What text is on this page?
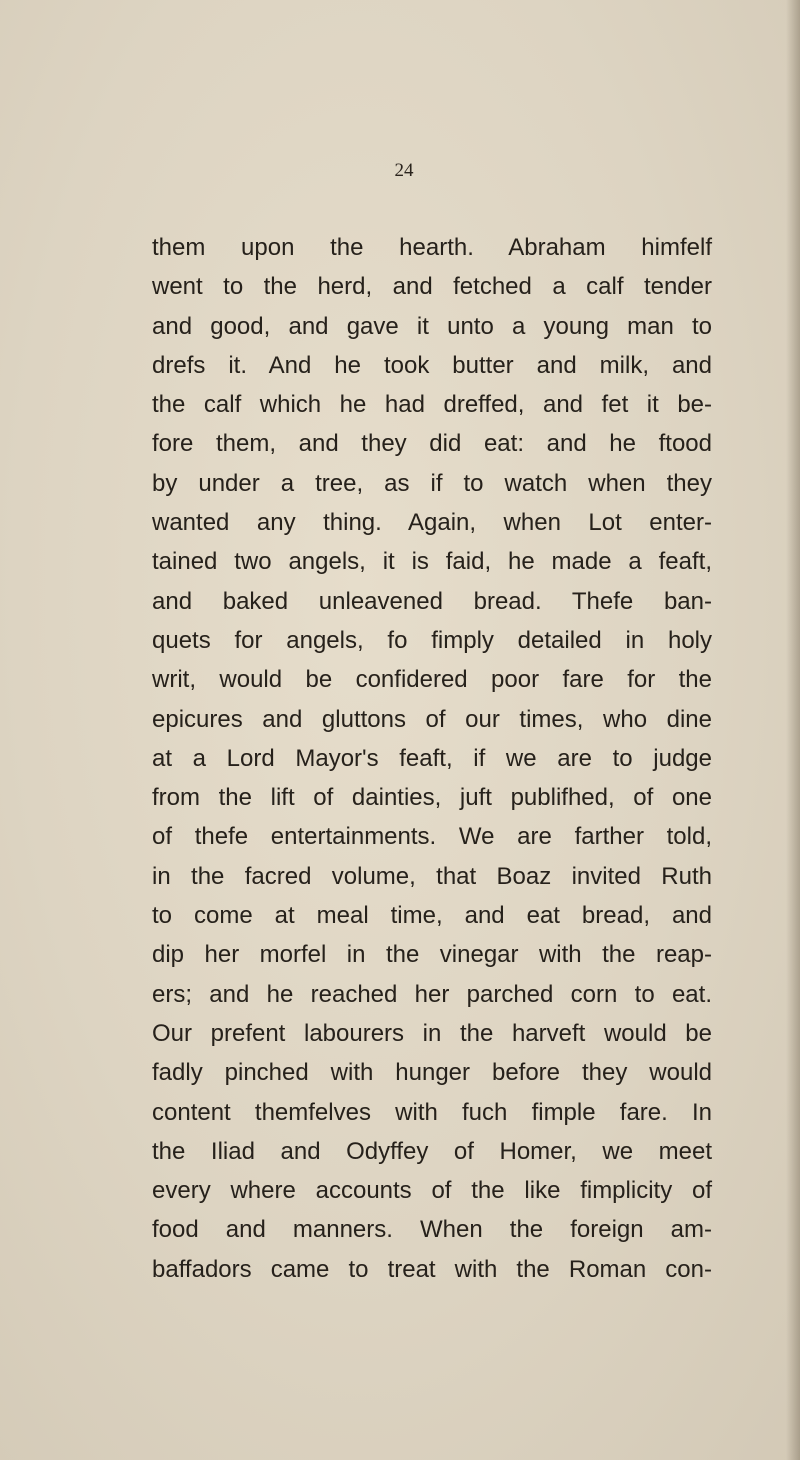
24
them upon the hearth. Abraham himfelf
went to the herd, and fetched a calf tender
and good, and gave it unto a young man to
drefs it. And he took butter and milk, and
the calf which he had dreffed, and fet it be-
fore them, and they did eat: and he ftood
by under a tree, as if to watch when they
wanted any thing. Again, when Lot enter-
tained two angels, it is faid, he made a feaft,
and baked unleavened bread. Thefe ban-
quets for angels, fo fimply detailed in holy
writ, would be confidered poor fare for the
epicures and gluttons of our times, who dine
at a Lord Mayor's feaft, if we are to judge
from the lift of dainties, juft publifhed, of one
of thefe entertainments. We are farther told,
in the facred volume, that Boaz invited Ruth
to come at meal time, and eat bread, and
dip her morfel in the vinegar with the reap-
ers; and he reached her parched corn to eat.
Our prefent labourers in the harveft would be
fadly pinched with hunger before they would
content themfelves with fuch fimple fare. In
the Iliad and Odyffey of Homer, we meet
every where accounts of the like fimplicity of
food and manners. When the foreign am-
baffadors came to treat with the Roman con-
